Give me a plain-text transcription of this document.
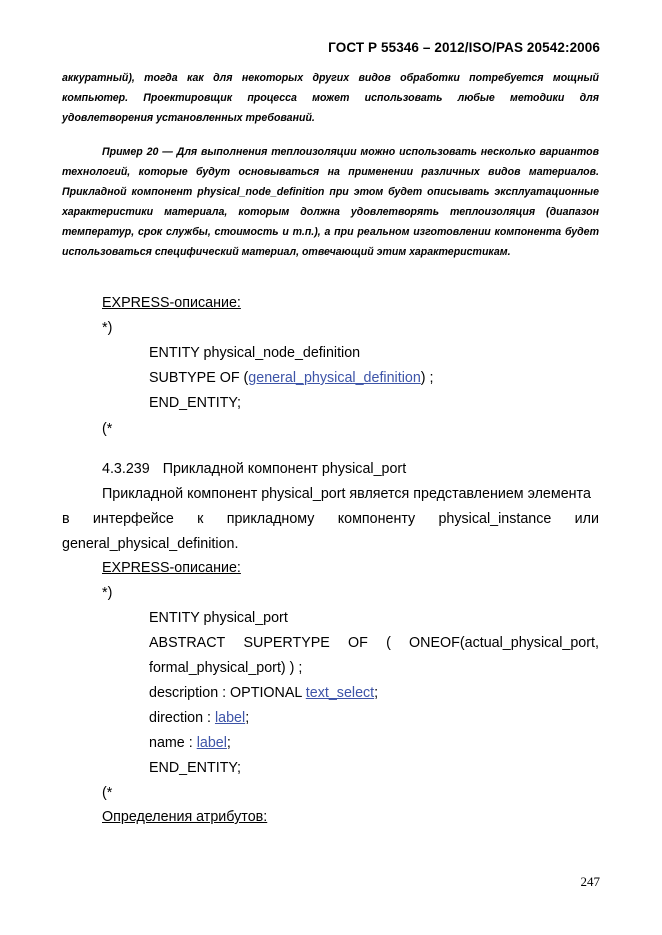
ГОСТ Р 55346 – 2012/ISO/PAS 20542:2006
аккуратный), тогда как для некоторых других видов обработки потребуется мощный компьютер. Проектировщик процесса может использовать любые методики для удовлетворения установленных требований.
Пример 20 — Для выполнения теплоизоляции можно использовать несколько вариантов технологий, которые будут основываться на применении различных видов материалов. Прикладной компонент physical_node_definition при этом будет описывать эксплуатационные характеристики материала, которым должна удовлетворять теплоизоляция (диапазон температур, срок службы, стоимость и т.п.), а при реальном изготовлении компонента будет использоваться специфический материал, отвечающий этим характеристикам.
EXPRESS-описание:
*)
ENTITY physical_node_definition
SUBTYPE OF (general_physical_definition) ;
END_ENTITY;
(*
4.3.239 Прикладной компонент physical_port
Прикладной компонент physical_port является представлением элемента
в интерфейсе к прикладному компоненту physical_instance или
general_physical_definition.
EXPRESS-описание:
*)
ENTITY physical_port
ABSTRACT SUPERTYPE OF ( ONEOF(actual_physical_port,
formal_physical_port) ) ;
description : OPTIONAL text_select;
direction : label;
name : label;
END_ENTITY;
(*
Определения атрибутов:
247
